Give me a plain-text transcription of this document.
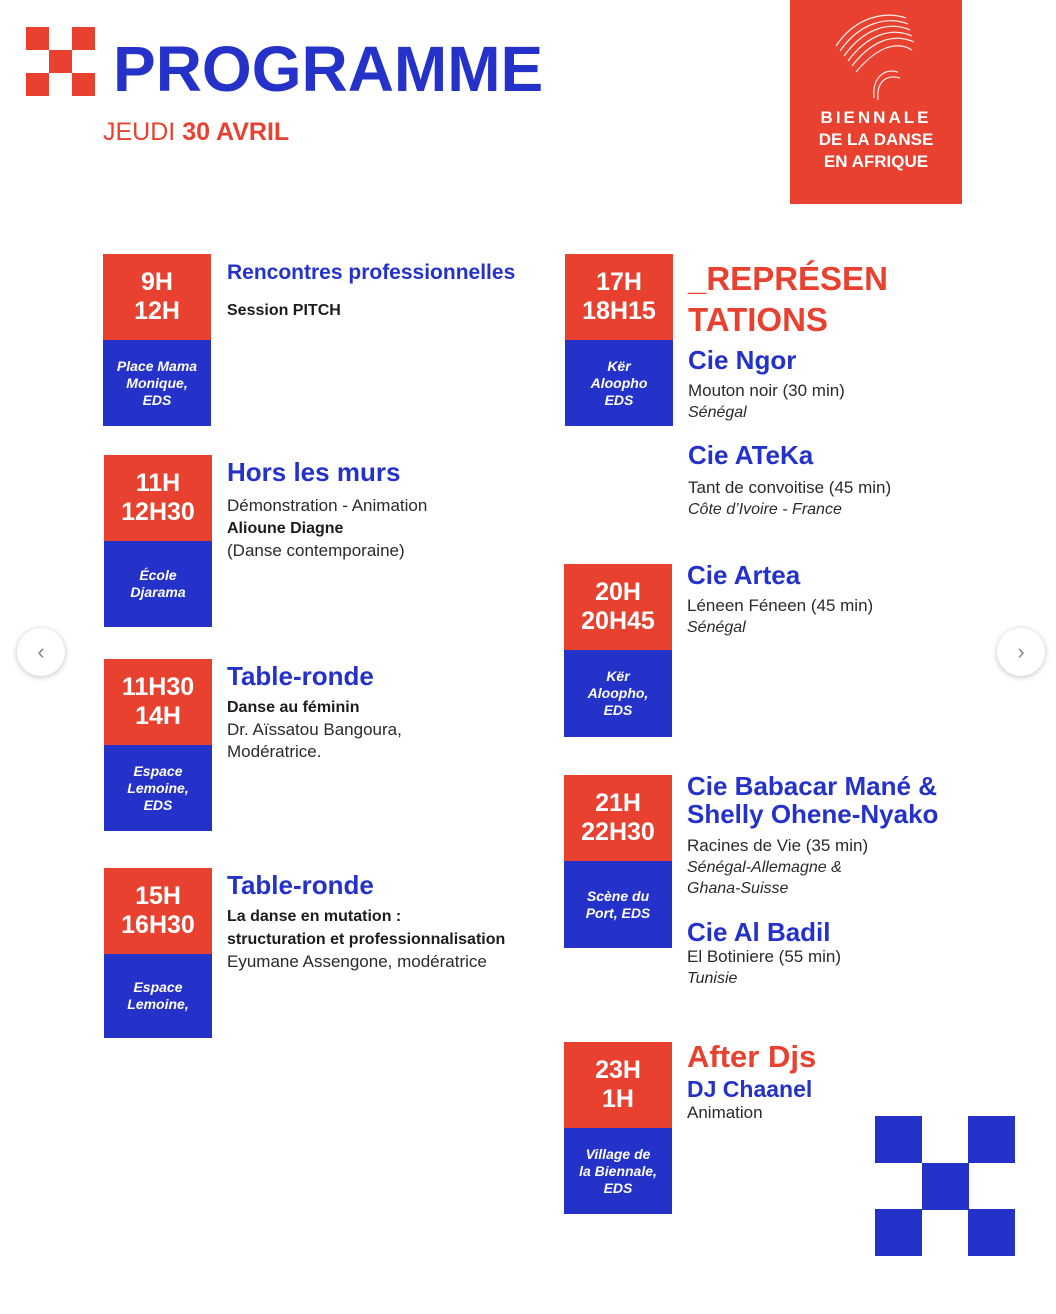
PROGRAMME
JEUDI 30 AVRIL
BIENNALE
DE LA DANSE
EN AFRIQUE
9H
12H
Place Mama
Monique,
EDS
Rencontres professionnelles
Session PITCH
11H
12H30
École
Djarama
Hors les murs
Démonstration - Animation
Alioune Diagne
(Danse contemporaine)
11H30
14H
Espace
Lemoine,
EDS
Table-ronde
Danse au féminin
Dr. Aïssatou Bangoura,
Modératrice.
15H
16H30
Espace
Lemoine,
Table-ronde
La danse en mutation :
structuration et professionnalisation
Eyumane Assengone, modératrice
17H
18H15
Kër
Aloopho
EDS
_REPRÉSEN
TATIONS
Cie Ngor
Mouton noir (30 min)
Sénégal
Cie ATeKa
Tant de convoitise (45 min)
Côte d’Ivoire - France
20H
20H45
Kër
Aloopho,
EDS
Cie Artea
Léneen Féneen (45 min)
Sénégal
21H
22H30
Scène du
Port, EDS
Cie Babacar Mané &
Shelly Ohene-Nyako
Racines de Vie (35 min)
Sénégal-Allemagne &
Ghana-Suisse
Cie Al Badil
El Botiniere (55 min)
Tunisie
23H
1H
Village de
la Biennale,
EDS
After Djs
DJ Chaanel
Animation
‹	›
